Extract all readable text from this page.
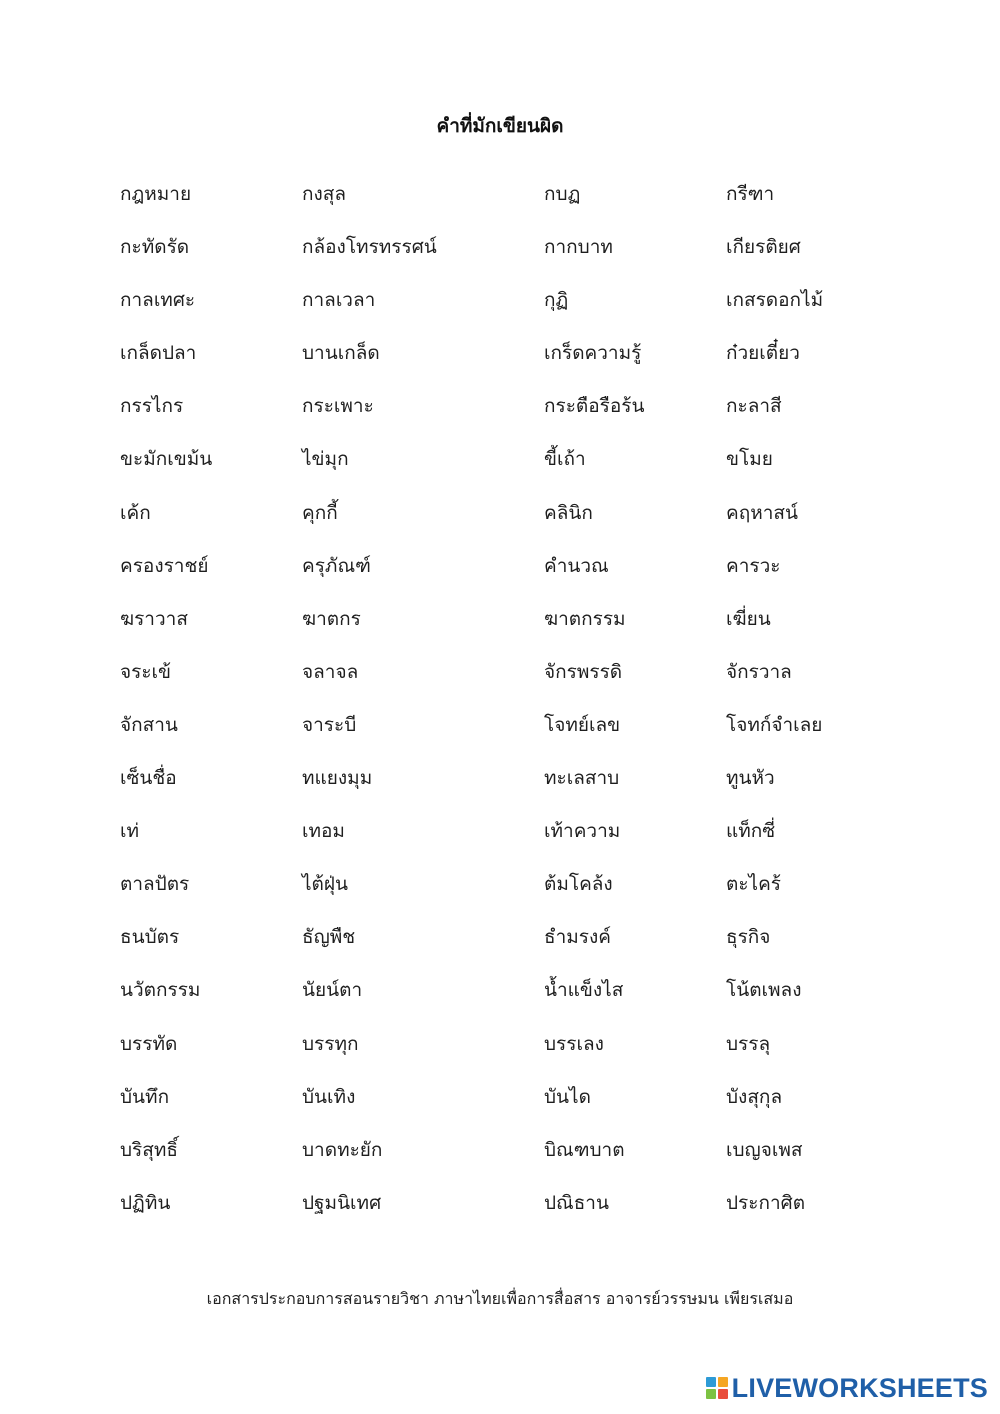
คำที่มักเขียนผิด
กฎหมาย	กงสุล	กบฏ	กรีฑา
กะทัดรัด	กล้องโทรทรรศน์	กากบาท	เกียรติยศ
กาลเทศะ	กาลเวลา	กุฏิ	เกสรดอกไม้
เกล็ดปลา	บานเกล็ด	เกร็ดความรู้	ก๋วยเตี๋ยว
กรรไกร	กระเพาะ	กระตือรือร้น	กะลาสี
ขะมักเขม้น	ไข่มุก	ขี้เถ้า	ขโมย
เค้ก	คุกกี้	คลินิก	คฤหาสน์
ครองราชย์	ครุภัณฑ์	คำนวณ	คารวะ
ฆราวาส	ฆาตกร	ฆาตกรรม	เฆี่ยน
จระเข้	จลาจล	จักรพรรดิ	จักรวาล
จักสาน	จาระบี	โจทย์เลข	โจทก์จำเลย
เซ็นชื่อ	ทแยงมุม	ทะเลสาบ	ทูนหัว
เท่	เทอม	เท้าความ	แท็กซี่
ตาลปัตร	ไต้ฝุ่น	ต้มโคล้ง	ตะไคร้
ธนบัตร	ธัญพืช	ธำมรงค์	ธุรกิจ
นวัตกรรม	นัยน์ตา	น้ำแข็งไส	โน้ตเพลง
บรรทัด	บรรทุก	บรรเลง	บรรลุ
บันทึก	บันเทิง	บันได	บังสุกุล
บริสุทธิ์	บาดทะยัก	บิณฑบาต	เบญจเพส
ปฏิทิน	ปฐมนิเทศ	ปณิธาน	ประกาศิต
เอกสารประกอบการสอนรายวิชา ภาษาไทยเพื่อการสื่อสาร อาจารย์วรรษมน เพียรเสมอ
LIVEWORKSHEETS
